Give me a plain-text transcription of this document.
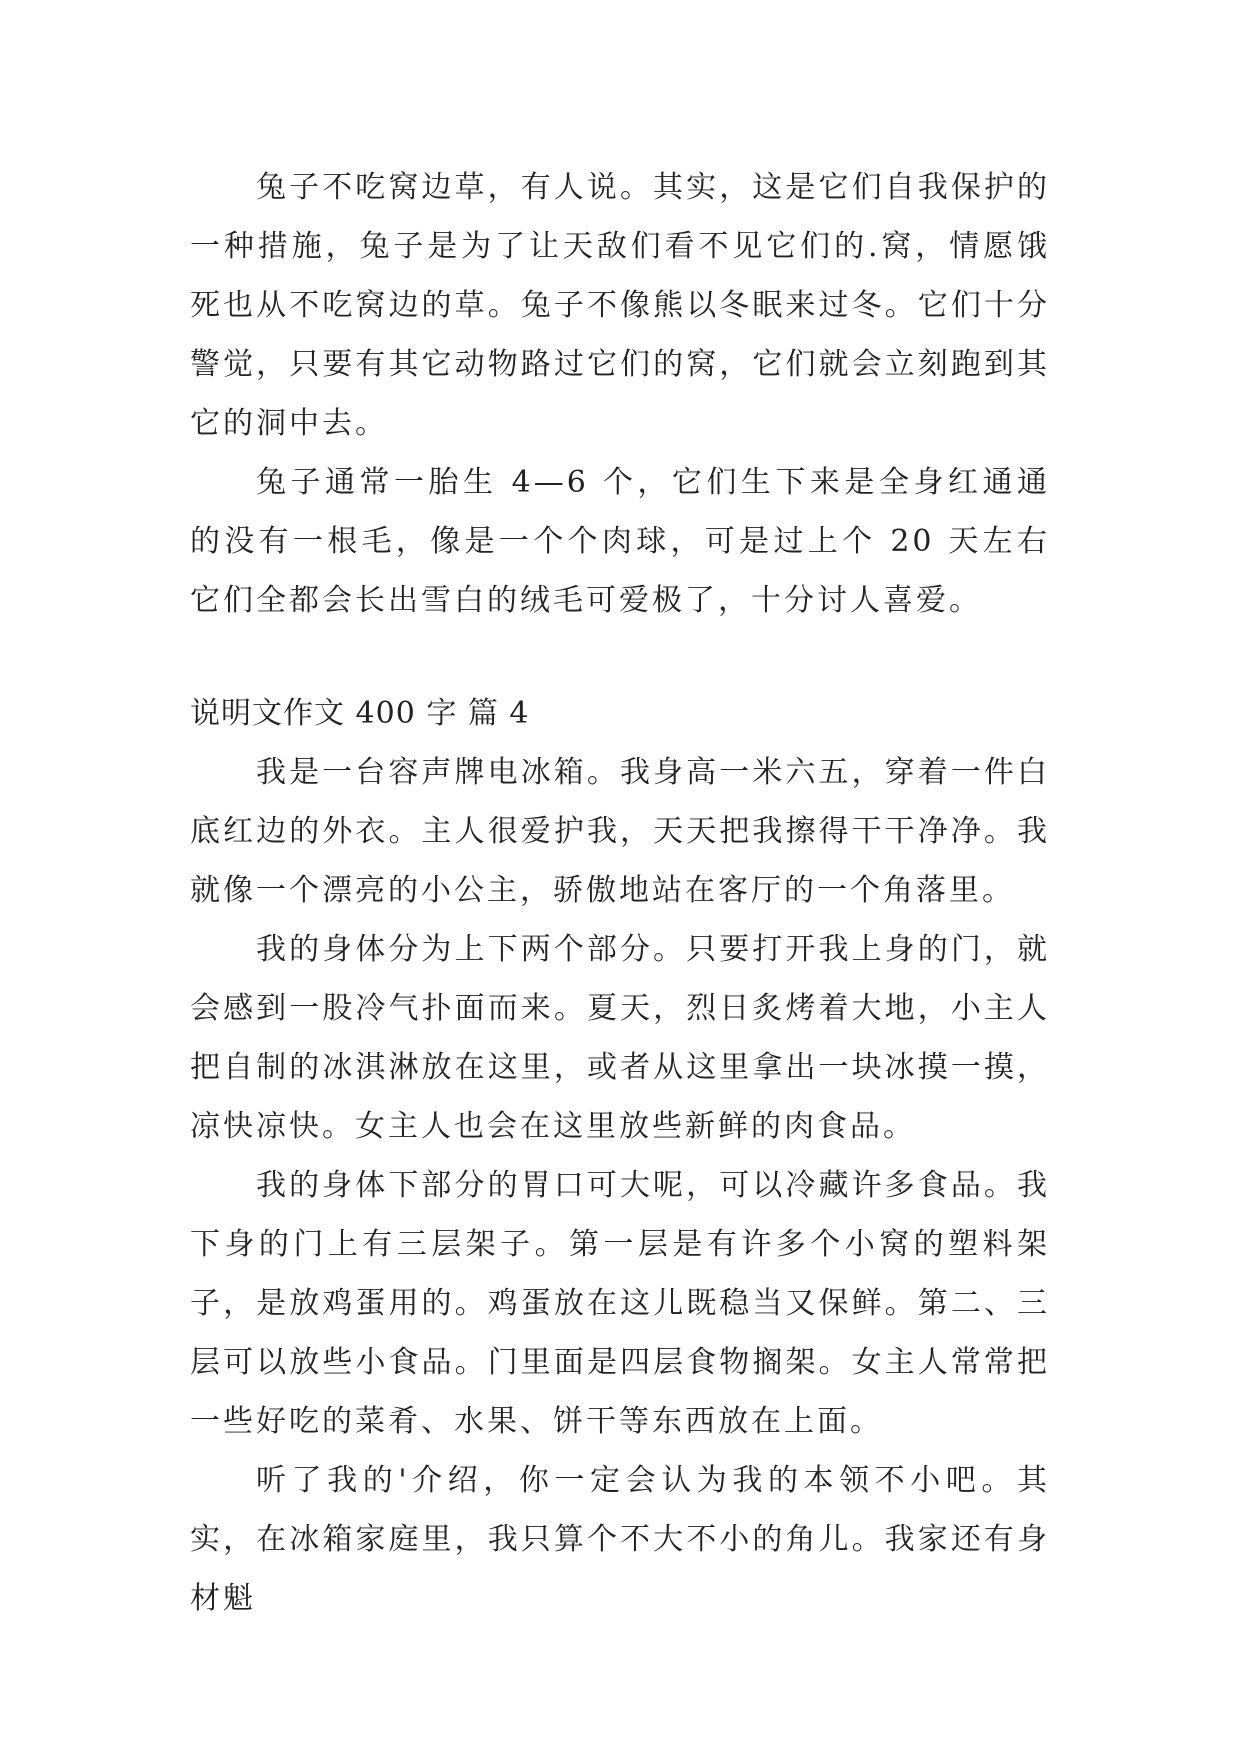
兔子不吃窝边草，有人说。其实，这是它们自我保护的一种措施，兔子是为了让天敌们看不见它们的.窝，情愿饿死也从不吃窝边的草。兔子不像熊以冬眠来过冬。它们十分警觉，只要有其它动物路过它们的窝，它们就会立刻跑到其它的洞中去。

兔子通常一胎生 4—6 个，它们生下来是全身红通通的没有一根毛，像是一个个肉球，可是过上个 20 天左右它们全都会长出雪白的绒毛可爱极了，十分讨人喜爱。

说明文作文 400 字 篇 4

我是一台容声牌电冰箱。我身高一米六五，穿着一件白底红边的外衣。主人很爱护我，天天把我擦得干干净净。我就像一个漂亮的小公主，骄傲地站在客厅的一个角落里。

我的身体分为上下两个部分。只要打开我上身的门，就会感到一股冷气扑面而来。夏天，烈日炙烤着大地，小主人把自制的冰淇淋放在这里，或者从这里拿出一块冰摸一摸，凉快凉快。女主人也会在这里放些新鲜的肉食品。

我的身体下部分的胃口可大呢，可以冷藏许多食品。我下身的门上有三层架子。第一层是有许多个小窝的塑料架子，是放鸡蛋用的。鸡蛋放在这儿既稳当又保鲜。第二、三层可以放些小食品。门里面是四层食物搁架。女主人常常把一些好吃的菜肴、水果、饼干等东西放在上面。

听了我的'介绍，你一定会认为我的本领不小吧。其实，在冰箱家庭里，我只算个不大不小的角儿。我家还有身材魁
